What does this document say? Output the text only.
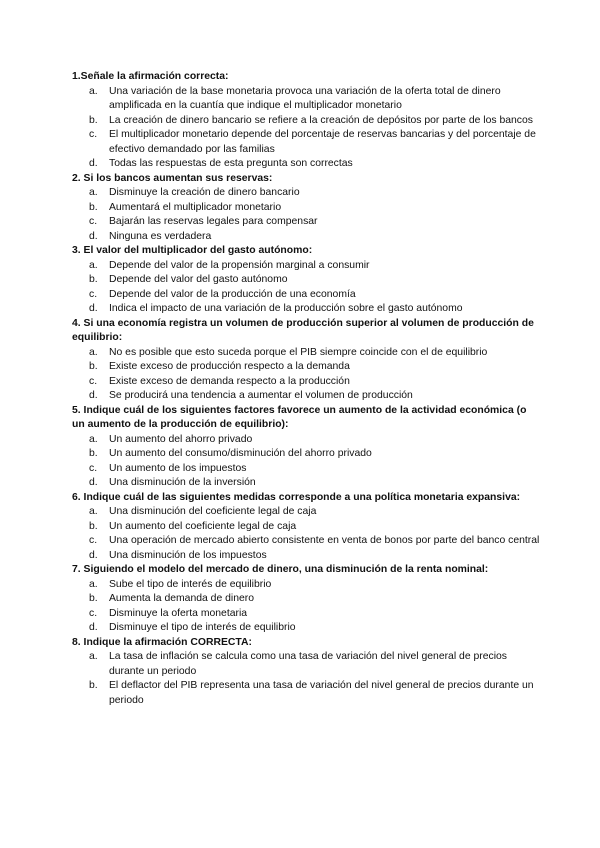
1.Señale la afirmación correcta:

a. Una variación de la base monetaria provoca una variación de la oferta total de dinero amplificada en la cuantía que indique el multiplicador monetario
b. La creación de dinero bancario se refiere a la creación de depósitos por parte de los bancos
c. El multiplicador monetario depende del porcentaje de reservas bancarias y del porcentaje de efectivo demandado por las familias
d. Todas las respuestas de esta pregunta son correctas

2. Si los bancos aumentan sus reservas:

a. Disminuye la creación de dinero bancario
b. Aumentará el multiplicador monetario
c. Bajarán las reservas legales para compensar
d. Ninguna es verdadera

3. El valor del multiplicador del gasto autónomo:

a. Depende del valor de la propensión marginal a consumir
b. Depende del valor del gasto autónomo
c. Depende del valor de la producción de una economía
d. Indica el impacto de una variación de la producción sobre el gasto autónomo

4. Si una economía registra un volumen de producción superior al volumen de producción de equilibrio:

a. No es posible que esto suceda porque el PIB siempre coincide con el de equilibrio
b. Existe exceso de producción respecto a la demanda
c. Existe exceso de demanda respecto a la producción
d. Se producirá una tendencia a aumentar el volumen de producción

5. Indique cuál de los siguientes factores favorece un aumento de la actividad económica (o un aumento de la producción de equilibrio):

a. Un aumento del ahorro privado
b. Un aumento del consumo/disminución del ahorro privado
c. Un aumento de los impuestos
d. Una disminución de la inversión

6. Indique cuál de las siguientes medidas corresponde a una política monetaria expansiva:

a. Una disminución del coeficiente legal de caja
b. Un aumento del coeficiente legal de caja
c. Una operación de mercado abierto consistente en venta de bonos por parte del banco central
d. Una disminución de los impuestos

7. Siguiendo el modelo del mercado de dinero, una disminución de la renta nominal:

a. Sube el tipo de interés de equilibrio
b. Aumenta la demanda de dinero
c. Disminuye la oferta monetaria
d. Disminuye el tipo de interés de equilibrio

8. Indique la afirmación CORRECTA:

a. La tasa de inflación se calcula como una tasa de variación del nivel general de precios durante un periodo
b. El deflactor del PIB representa una tasa de variación del nivel general de precios durante un periodo
